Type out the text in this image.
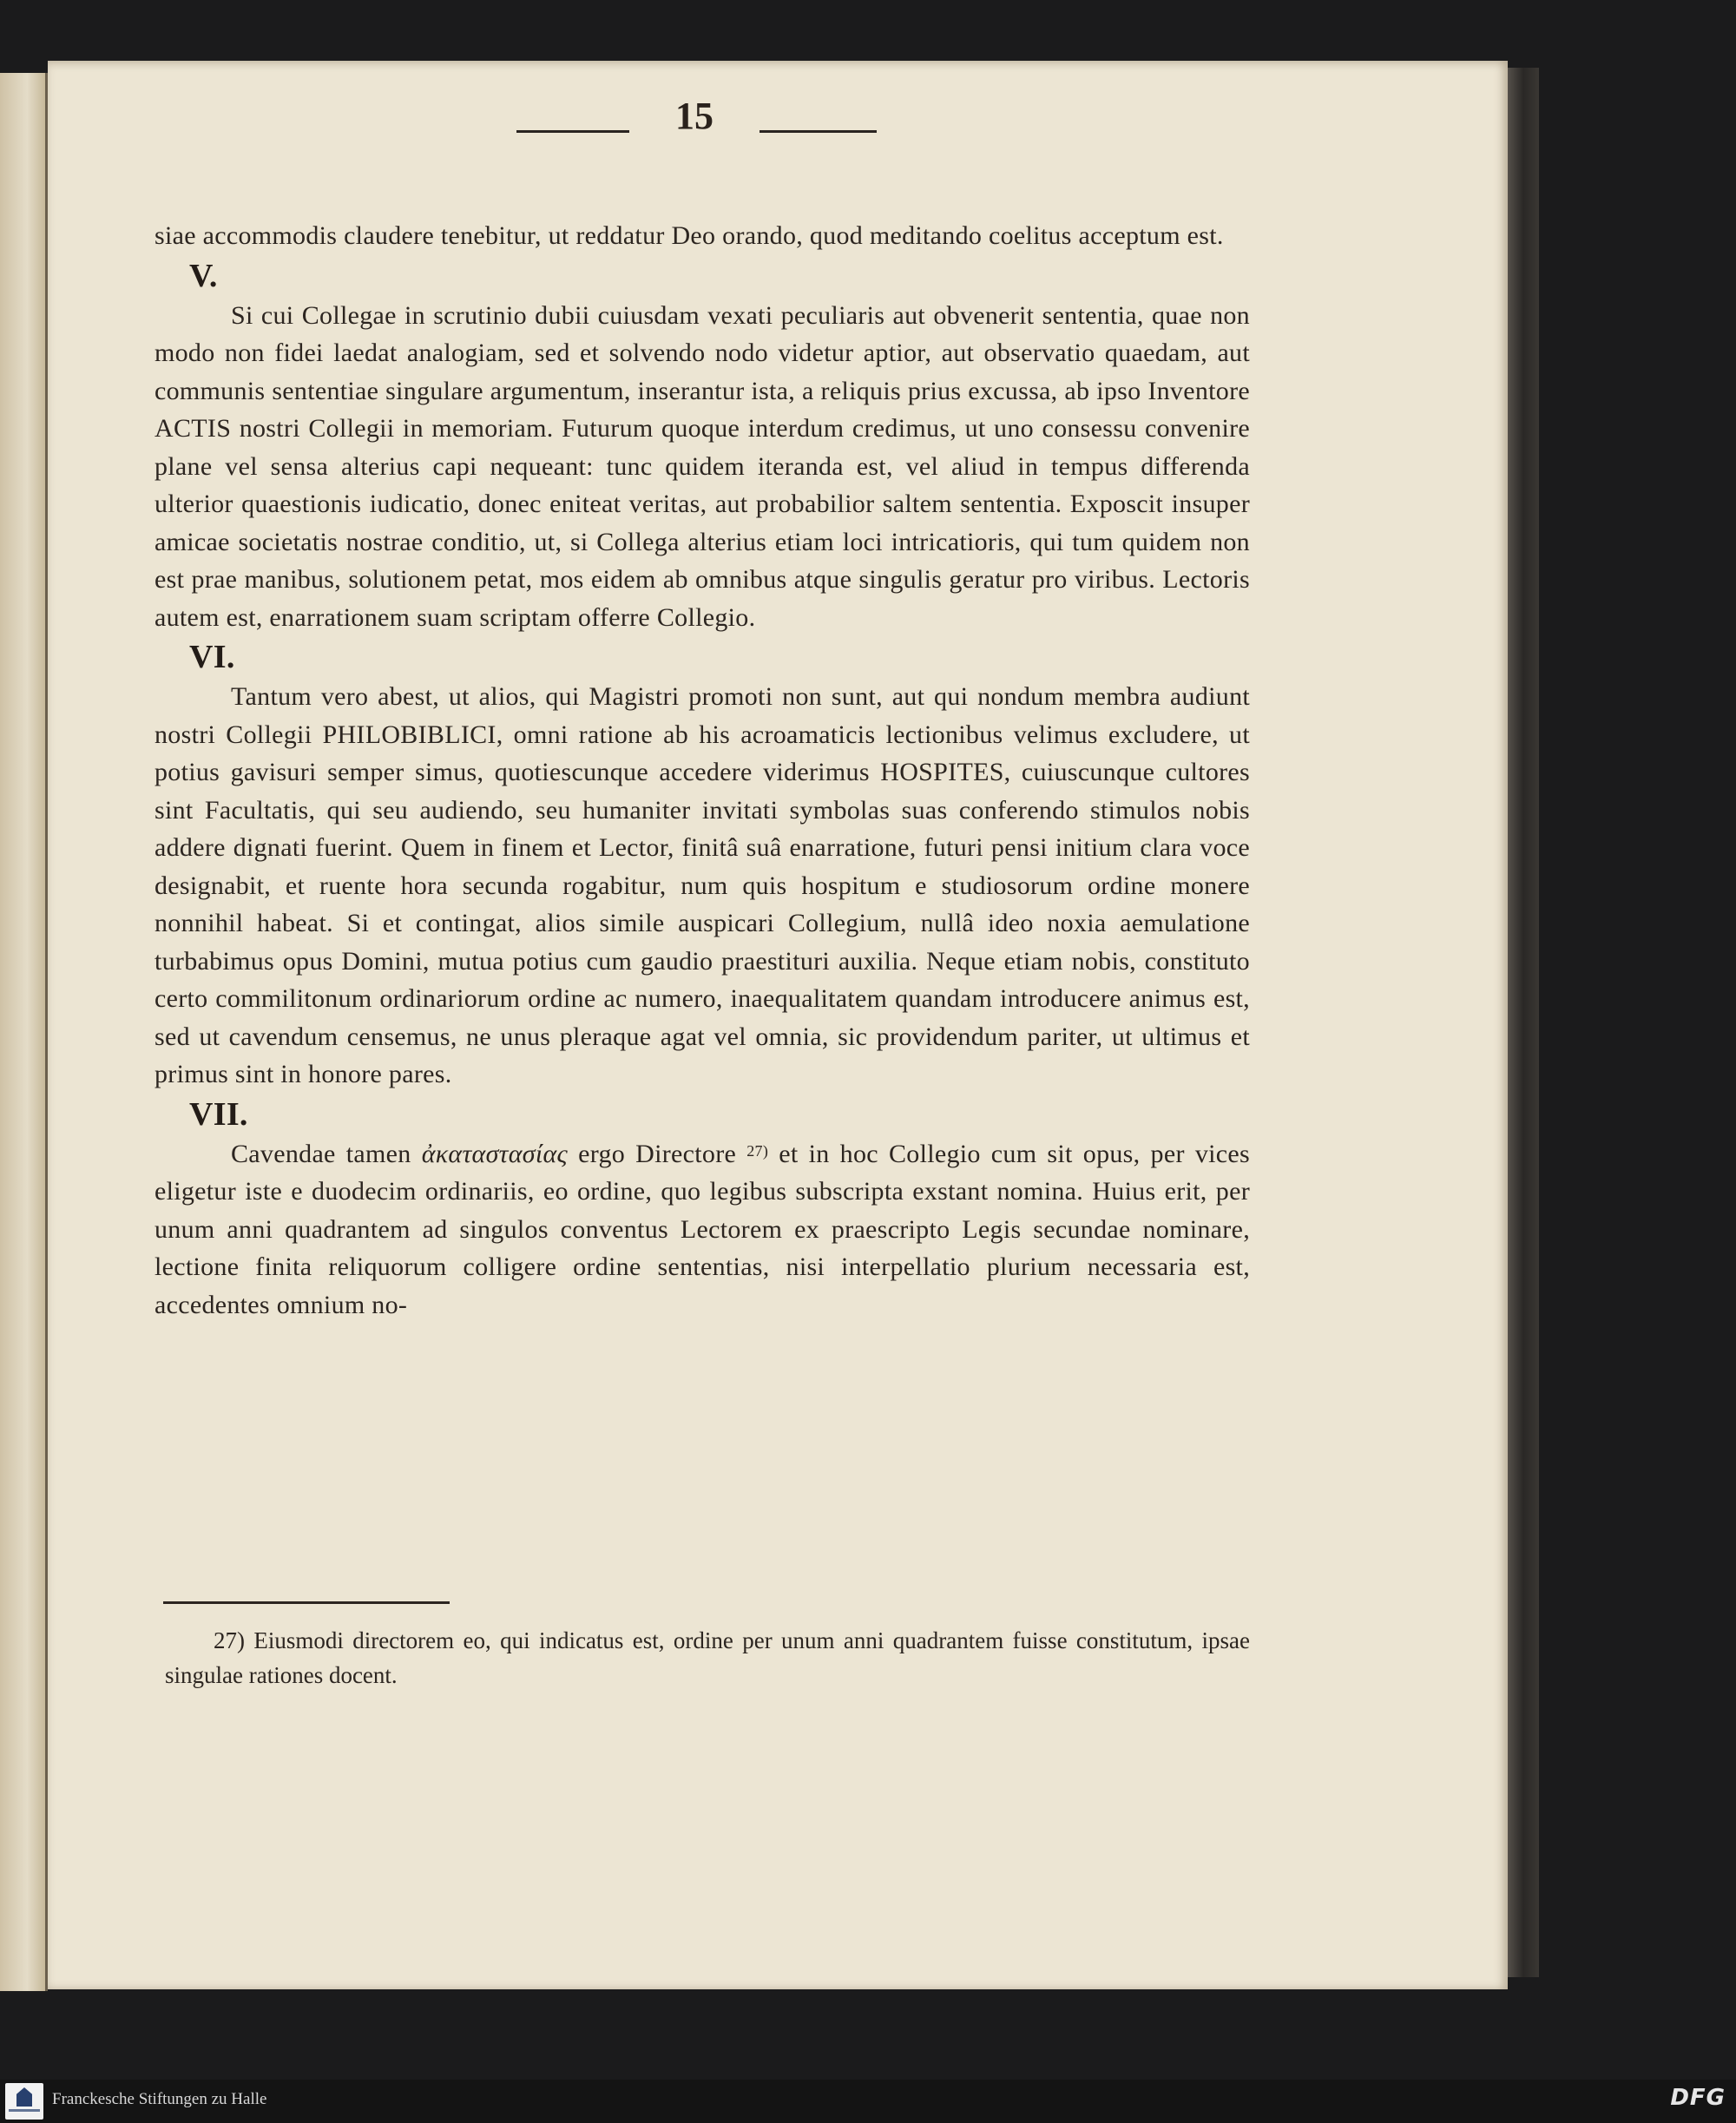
15

siae accommodis claudere tenebitur, ut reddatur Deo orando, quod meditando coelitus acceptum est.

V.

Si cui Collegae in scrutinio dubii cuiusdam vexati peculiaris aut obvenerit sententia, quae non modo non fidei laedat analogiam, sed et solvendo nodo videtur aptior, aut observatio quaedam, aut communis sententiae singulare argumentum, inserantur ista, a reliquis prius excussa, ab ipso Inventore ACTIS nostri Collegii in memoriam. Futurum quoque interdum credimus, ut uno consessu convenire plane vel sensa alterius capi nequeant: tunc quidem iteranda est, vel aliud in tempus differenda ulterior quaestionis iudicatio, donec eniteat veritas, aut probabilior saltem sententia. Exposcit insuper amicae societatis nostrae conditio, ut, si Collega alterius etiam loci intricatioris, qui tum quidem non est prae manibus, solutionem petat, mos eidem ab omnibus atque singulis geratur pro viribus. Lectoris autem est, enarrationem suam scriptam offerre Collegio.

VI.

Tantum vero abest, ut alios, qui Magistri promoti non sunt, aut qui nondum membra audiunt nostri Collegii PHILOBIBLICI, omni ratione ab his acroamaticis lectionibus velimus excludere, ut potius gavisuri semper simus, quotiescunque accedere viderimus HOSPITES, cuiuscunque cultores sint Facultatis, qui seu audiendo, seu humaniter invitati symbolas suas conferendo stimulos nobis addere dignati fuerint. Quem in finem et Lector, finitâ suâ enarratione, futuri pensi initium clara voce designabit, et ruente hora secunda rogabitur, num quis hospitum e studiosorum ordine monere nonnihil habeat. Si et contingat, alios simile auspicari Collegium, nullâ ideo noxia aemulatione turbabimus opus Domini, mutua potius cum gaudio praestituri auxilia. Neque etiam nobis, constituto certo commilitonum ordinariorum ordine ac numero, inaequalitatem quandam introducere animus est, sed ut cavendum censemus, ne unus pleraque agat vel omnia, sic providendum pariter, ut ultimus et primus sint in honore pares.

VII.

Cavendae tamen ἀκαταστασίας ergo Directore $^{27)}$ et in hoc Collegio cum sit opus, per vices eligetur iste e duodecim ordinariis, eo ordine, quo legibus subscripta exstant nomina. Huius erit, per unum anni quadrantem ad singulos conventus Lectorem ex praescripto Legis secundae nominare, lectione finita reliquorum colligere ordine sententias, nisi interpellatio plurium necessaria est, accedentes omnium no-

27) Eiusmodi directorem eo, qui indicatus est, ordine per unum anni quadrantem fuisse constitutum, ipsae singulae rationes docent.

Franckesche Stiftungen zu Halle	DFG
